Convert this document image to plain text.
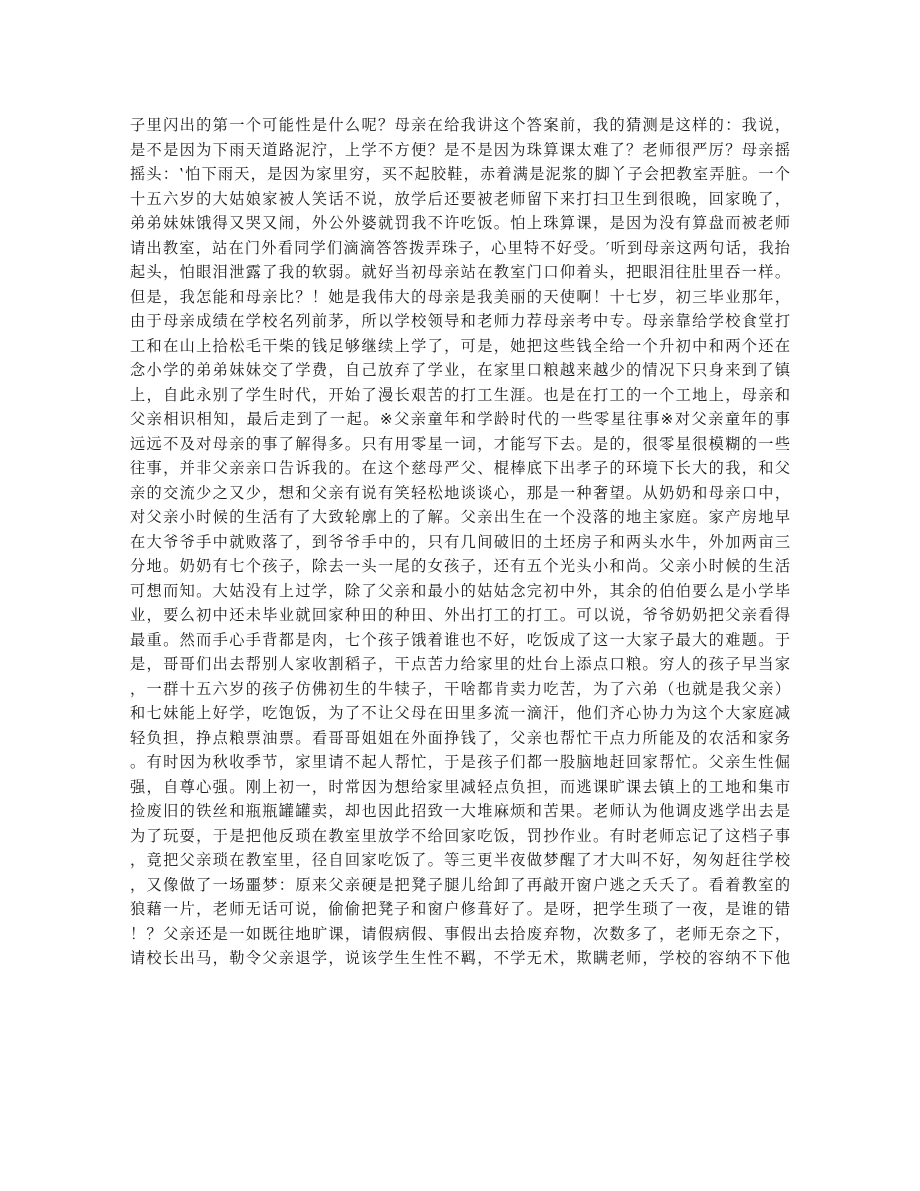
子里闪出的第一个可能性是什么呢？母亲在给我讲这个答案前，我的猜测是这样的：我说，
是不是因为下雨天道路泥泞，上学不方便？是不是因为珠算课太难了？老师很严厉？母亲摇
摇头：‛怕下雨天，是因为家里穷，买不起胶鞋，赤着满是泥浆的脚丫子会把教室弄脏。一个
十五六岁的大姑娘家被人笑话不说，放学后还要被老师留下来打扫卫生到很晚，回家晚了，
弟弟妹妹饿得又哭又闹，外公外婆就罚我不许吃饭。怕上珠算课，是因为没有算盘而被老师
请出教室，站在门外看同学们滴滴答答拨弄珠子，心里特不好受。′听到母亲这两句话，我抬
起头，怕眼泪泄露了我的软弱。就好当初母亲站在教室门口仰着头，把眼泪往肚里吞一样。
但是，我怎能和母亲比？！她是我伟大的母亲是我美丽的天使啊！十七岁，初三毕业那年，
由于母亲成绩在学校名列前茅，所以学校领导和老师力荐母亲考中专。母亲靠给学校食堂打
工和在山上拾松毛干柴的钱足够继续上学了，可是，她把这些钱全给一个升初中和两个还在
念小学的弟弟妹妹交了学费，自己放弃了学业，在家里口粮越来越少的情况下只身来到了镇
上，自此永别了学生时代，开始了漫长艰苦的打工生涯。也是在打工的一个工地上，母亲和
父亲相识相知，最后走到了一起。※父亲童年和学龄时代的一些零星往事※对父亲童年的事
远远不及对母亲的事了解得多。只有用零星一词，才能写下去。是的，很零星很模糊的一些
往事，并非父亲亲口告诉我的。在这个慈母严父、棍棒底下出孝子的环境下长大的我，和父
亲的交流少之又少，想和父亲有说有笑轻松地谈谈心，那是一种奢望。从奶奶和母亲口中，
对父亲小时候的生活有了大致轮廓上的了解。父亲出生在一个没落的地主家庭。家产房地早
在大爷爷手中就败落了，到爷爷手中的，只有几间破旧的土坯房子和两头水牛，外加两亩三
分地。奶奶有七个孩子，除去一头一尾的女孩子，还有五个光头小和尚。父亲小时候的生活
可想而知。大姑没有上过学，除了父亲和最小的姑姑念完初中外，其余的伯伯要么是小学毕
业，要么初中还未毕业就回家种田的种田、外出打工的打工。可以说，爷爷奶奶把父亲看得
最重。然而手心手背都是肉，七个孩子饿着谁也不好，吃饭成了这一大家子最大的难题。于
是，哥哥们出去帮别人家收割稻子，干点苦力给家里的灶台上添点口粮。穷人的孩子早当家
，一群十五六岁的孩子仿佛初生的牛犊子，干啥都肯卖力吃苦，为了六弟（也就是我父亲）
和七妹能上好学，吃饱饭，为了不让父母在田里多流一滴汗，他们齐心协力为这个大家庭减
轻负担，挣点粮票油票。看哥哥姐姐在外面挣钱了，父亲也帮忙干点力所能及的农活和家务
。有时因为秋收季节，家里请不起人帮忙，于是孩子们都一股脑地赶回家帮忙。父亲生性倔
强，自尊心强。刚上初一，时常因为想给家里减轻点负担，而逃课旷课去镇上的工地和集市
捡废旧的铁丝和瓶瓶罐罐卖，却也因此招致一大堆麻烦和苦果。老师认为他调皮逃学出去是
为了玩耍，于是把他反琐在教室里放学不给回家吃饭，罚抄作业。有时老师忘记了这档子事
，竟把父亲琐在教室里，径自回家吃饭了。等三更半夜做梦醒了才大叫不好，匆匆赶往学校
，又像做了一场噩梦：原来父亲硬是把凳子腿儿给卸了再敲开窗户逃之夭夭了。看着教室的
狼藉一片，老师无话可说，偷偷把凳子和窗户修葺好了。是呀，把学生琐了一夜，是谁的错
！？父亲还是一如既往地旷课，请假病假、事假出去拾废弃物，次数多了，老师无奈之下，
请校长出马，勒令父亲退学，说该学生生性不羁，不学无术，欺瞒老师，学校的容纳不下他
